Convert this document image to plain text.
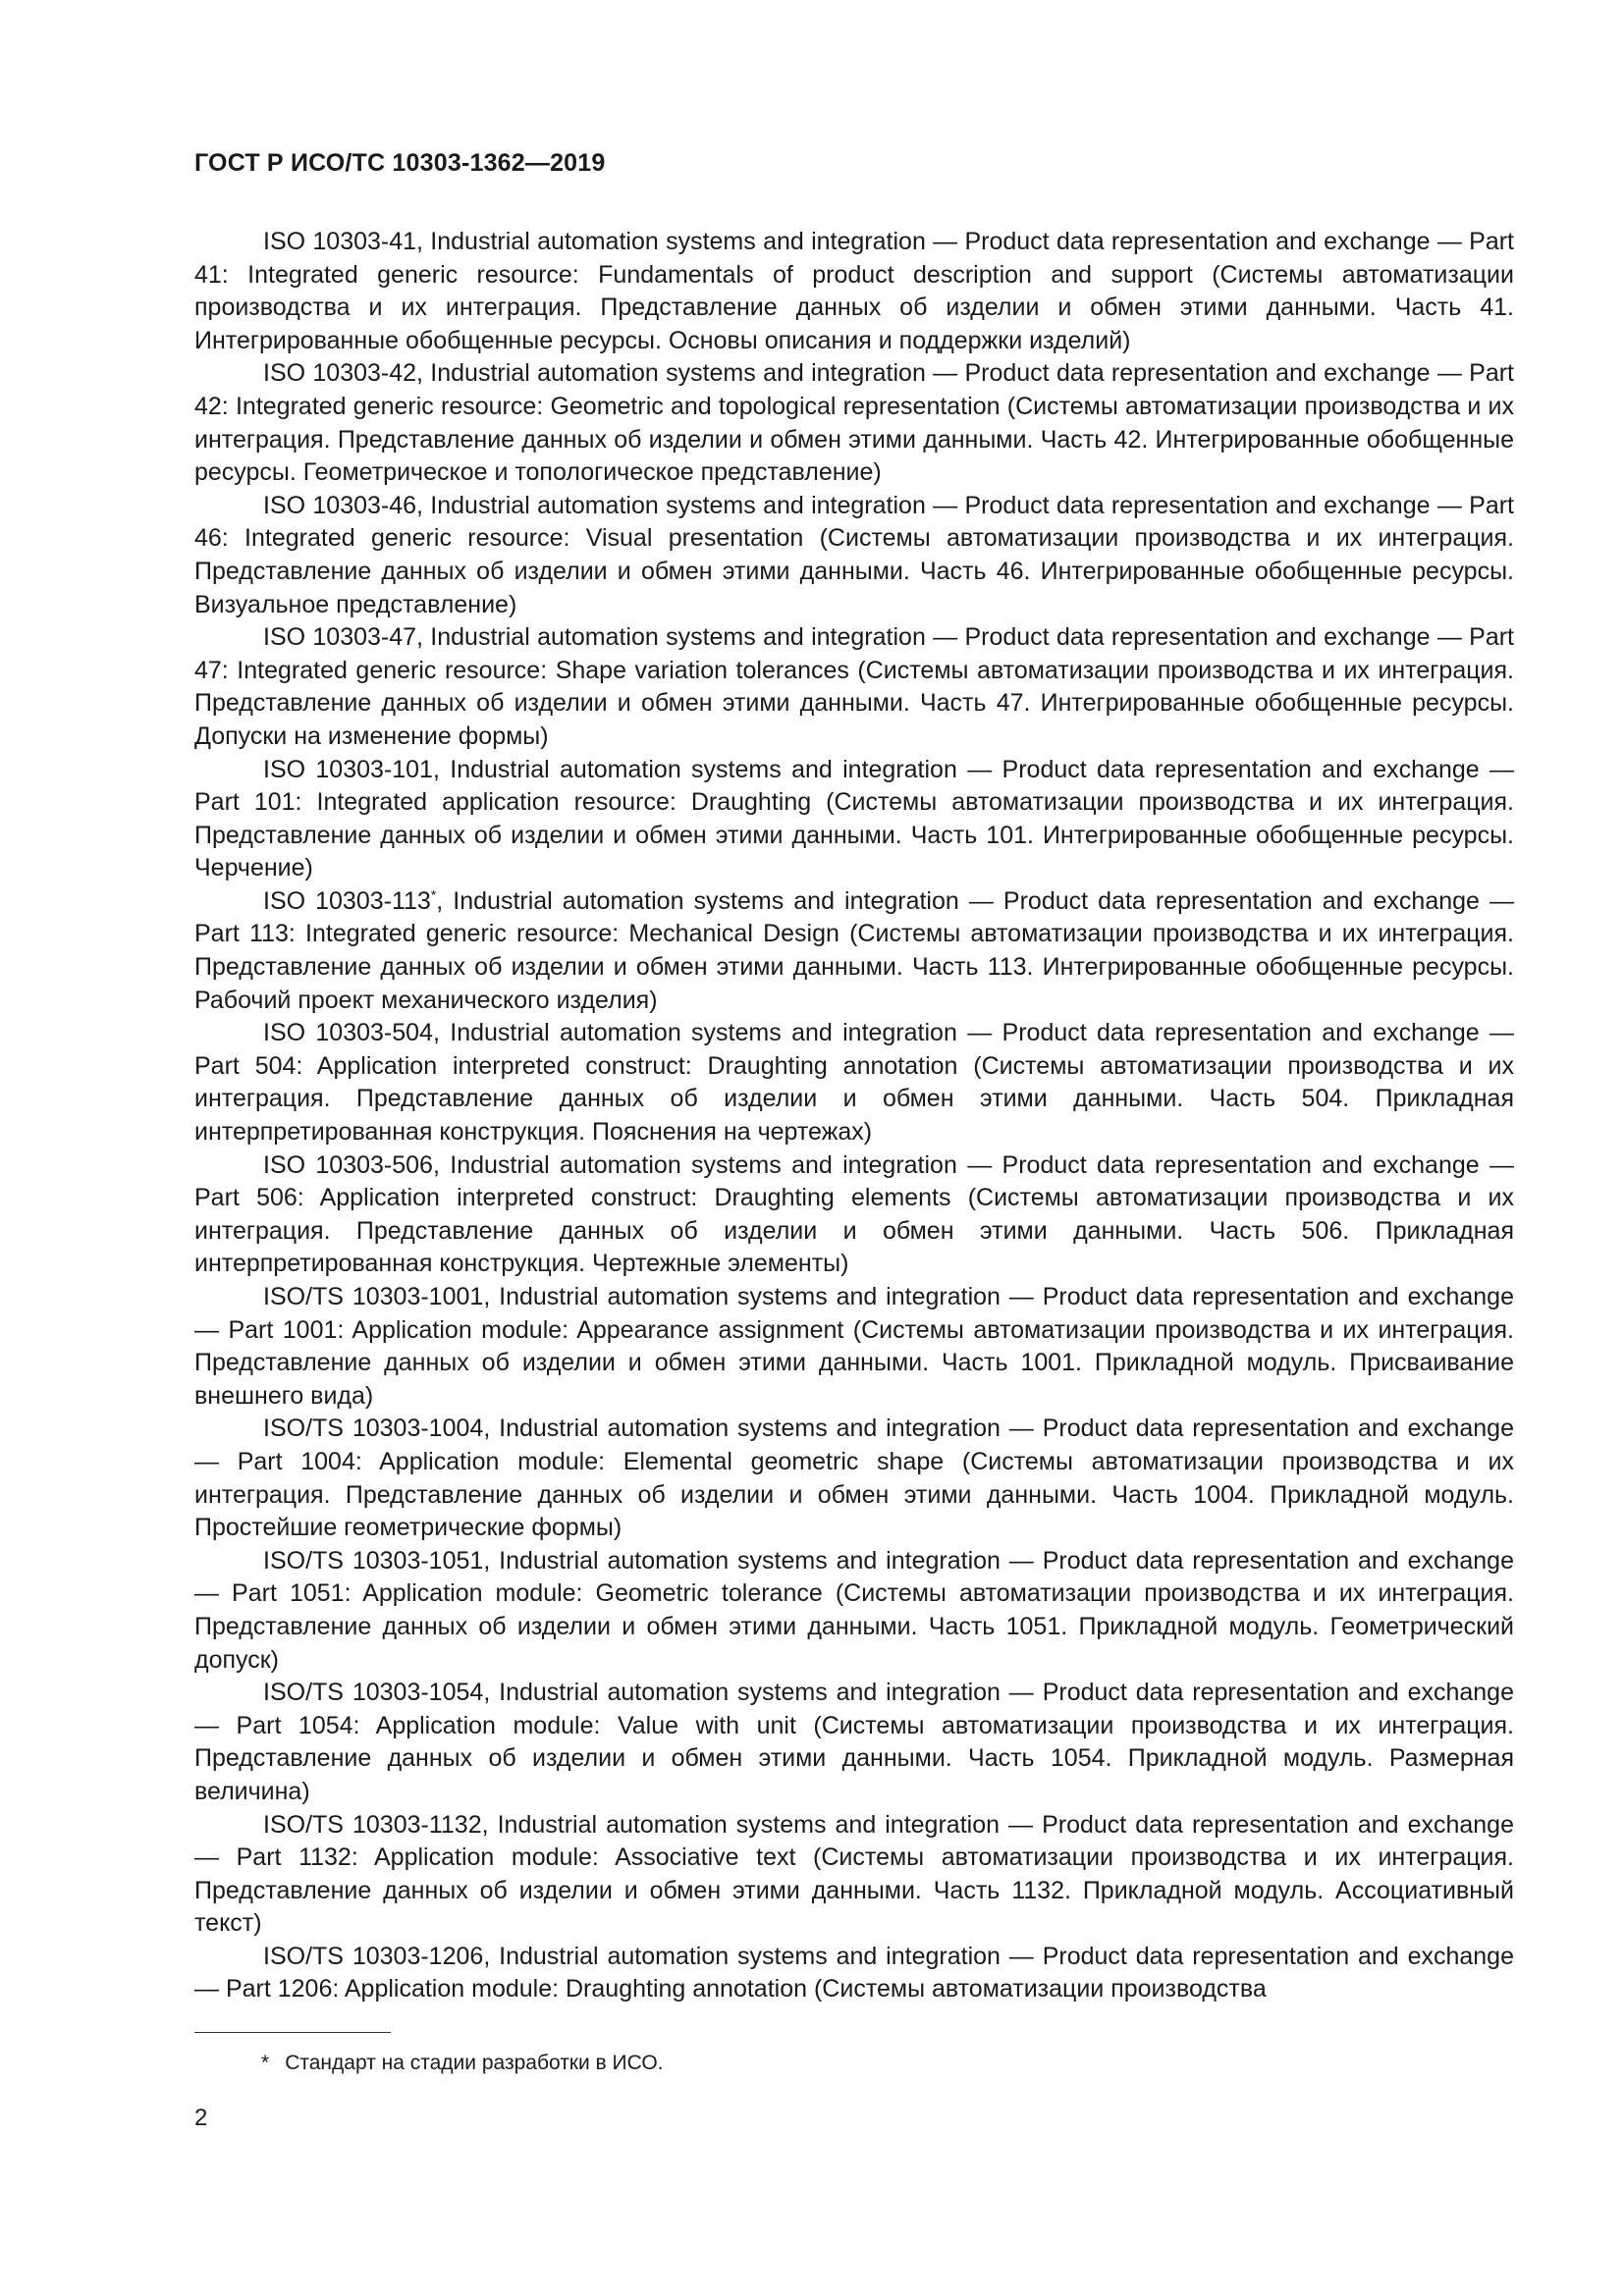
ГОСТ Р ИСО/ТС 10303-1362—2019

ISO 10303-41, Industrial automation systems and integration — Product data representation and exchange — Part 41: Integrated generic resource: Fundamentals of product description and support (Системы автоматизации производства и их интеграция. Представление данных об изделии и обмен этими данными. Часть 41. Интегрированные обобщенные ресурсы. Основы описания и поддержки изделий)

ISO 10303-42, Industrial automation systems and integration — Product data representation and exchange — Part 42: Integrated generic resource: Geometric and topological representation (Системы автоматизации производства и их интеграция. Представление данных об изделии и обмен этими данными. Часть 42. Интегрированные обобщенные ресурсы. Геометрическое и топологическое представление)

ISO 10303-46, Industrial automation systems and integration — Product data representation and exchange — Part 46: Integrated generic resource: Visual presentation (Системы автоматизации производства и их интеграция. Представление данных об изделии и обмен этими данными. Часть 46. Интегрированные обобщенные ресурсы. Визуальное представление)

ISO 10303-47, Industrial automation systems and integration — Product data representation and exchange — Part 47: Integrated generic resource: Shape variation tolerances (Системы автоматизации производства и их интеграция. Представление данных об изделии и обмен этими данными. Часть 47. Интегрированные обобщенные ресурсы. Допуски на изменение формы)

ISO 10303-101, Industrial automation systems and integration — Product data representation and exchange — Part 101: Integrated application resource: Draughting (Системы автоматизации производства и их интеграция. Представление данных об изделии и обмен этими данными. Часть 101. Интегрированные обобщенные ресурсы. Черчение)

ISO 10303-113*, Industrial automation systems and integration — Product data representation and exchange — Part 113: Integrated generic resource: Mechanical Design (Системы автоматизации производства и их интеграция. Представление данных об изделии и обмен этими данными. Часть 113. Интегрированные обобщенные ресурсы. Рабочий проект механического изделия)

ISO 10303-504, Industrial automation systems and integration — Product data representation and exchange — Part 504: Application interpreted construct: Draughting annotation (Системы автоматизации производства и их интеграция. Представление данных об изделии и обмен этими данными. Часть 504. Прикладная интерпретированная конструкция. Пояснения на чертежах)

ISO 10303-506, Industrial automation systems and integration — Product data representation and exchange — Part 506: Application interpreted construct: Draughting elements (Системы автоматизации производства и их интеграция. Представление данных об изделии и обмен этими данными. Часть 506. Прикладная интерпретированная конструкция. Чертежные элементы)

ISO/TS 10303-1001, Industrial automation systems and integration — Product data representation and exchange — Part 1001: Application module: Appearance assignment (Системы автоматизации производства и их интеграция. Представление данных об изделии и обмен этими данными. Часть 1001. Прикладной модуль. Присваивание внешнего вида)

ISO/TS 10303-1004, Industrial automation systems and integration — Product data representation and exchange — Part 1004: Application module: Elemental geometric shape (Системы автоматизации производства и их интеграция. Представление данных об изделии и обмен этими данными. Часть 1004. Прикладной модуль. Простейшие геометрические формы)

ISO/TS 10303-1051, Industrial automation systems and integration — Product data representation and exchange — Part 1051: Application module: Geometric tolerance (Системы автоматизации производства и их интеграция. Представление данных об изделии и обмен этими данными. Часть 1051. Прикладной модуль. Геометрический допуск)

ISO/TS 10303-1054, Industrial automation systems and integration — Product data representation and exchange — Part 1054: Application module: Value with unit (Системы автоматизации производства и их интеграция. Представление данных об изделии и обмен этими данными. Часть 1054. Прикладной модуль. Размерная величина)

ISO/TS 10303-1132, Industrial automation systems and integration — Product data representation and exchange — Part 1132: Application module: Associative text (Системы автоматизации производства и их интеграция. Представление данных об изделии и обмен этими данными. Часть 1132. Прикладной модуль. Ассоциативный текст)

ISO/TS 10303-1206, Industrial automation systems and integration — Product data representation and exchange — Part 1206: Application module: Draughting annotation (Системы автоматизации производства

* Стандарт на стадии разработки в ИСО.

2
